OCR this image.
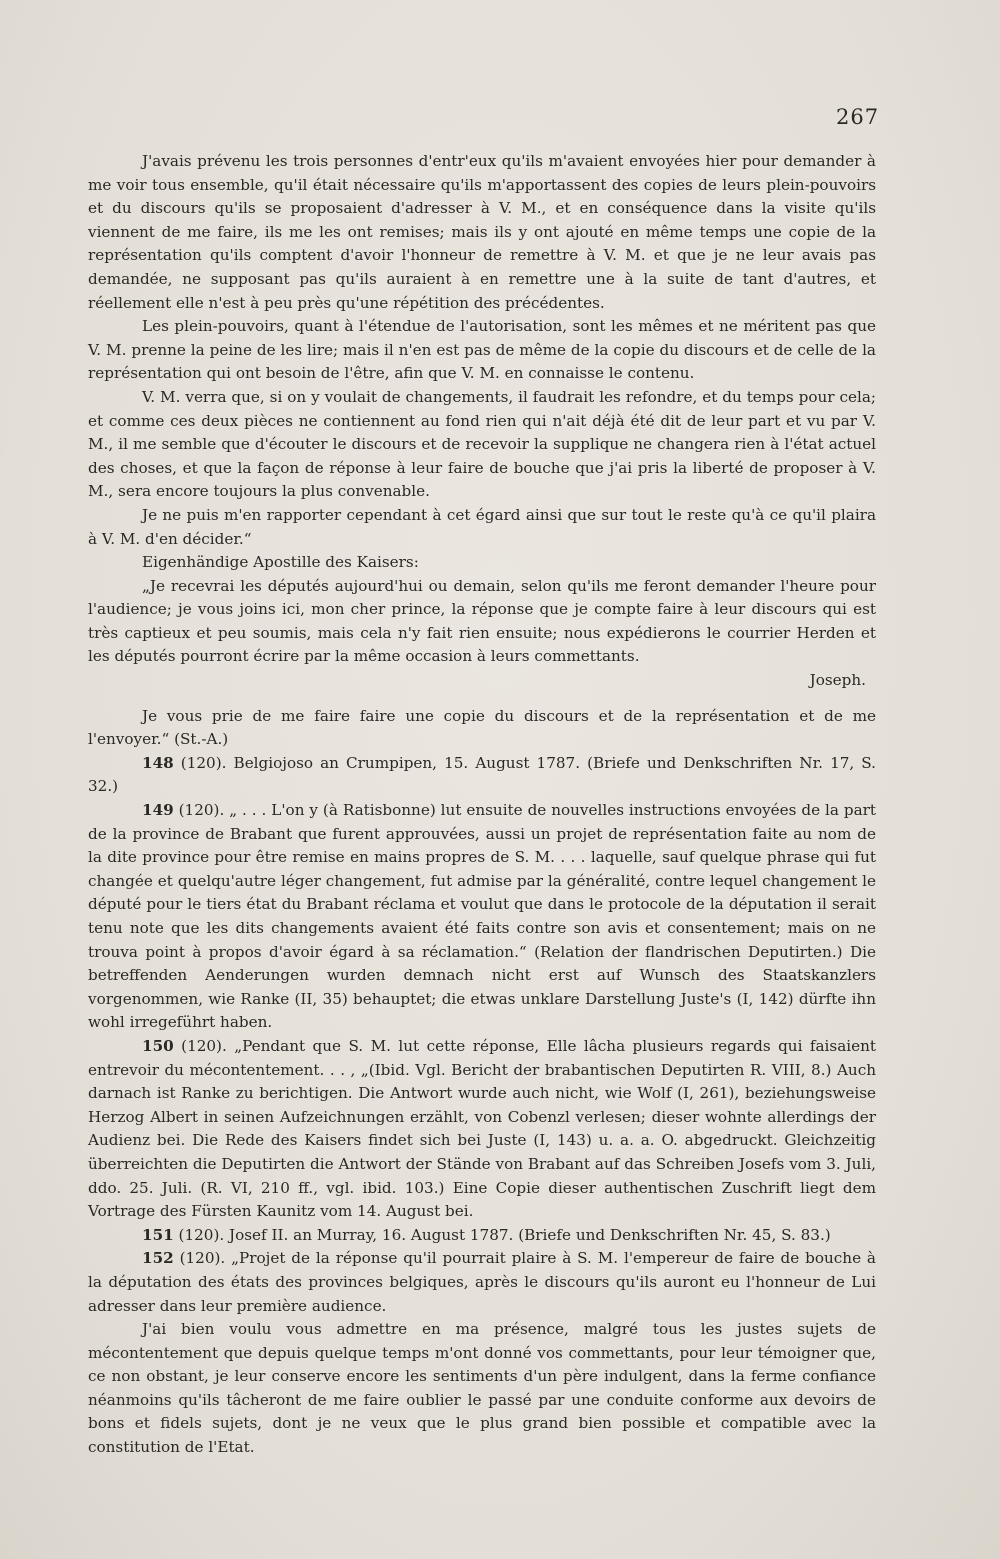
267

J'avais prévenu les trois personnes d'entr'eux qu'ils m'avaient envoyées hier pour demander à me voir tous ensemble, qu'il était nécessaire qu'ils m'apportassent des copies de leurs plein-pouvoirs et du discours qu'ils se proposaient d'adresser à V. M., et en conséquence dans la visite qu'ils viennent de me faire, ils me les ont remises; mais ils y ont ajouté en même temps une copie de la représentation qu'ils comptent d'avoir l'honneur de remettre à V. M. et que je ne leur avais pas demandée, ne supposant pas qu'ils auraient à en remettre une à la suite de tant d'autres, et réellement elle n'est à peu près qu'une répétition des précédentes.

Les plein-pouvoirs, quant à l'étendue de l'autorisation, sont les mêmes et ne méritent pas que V. M. prenne la peine de les lire; mais il n'en est pas de même de la copie du discours et de celle de la représentation qui ont besoin de l'être, afin que V. M. en connaisse le contenu.

V. M. verra que, si on y voulait de changements, il faudrait les refondre, et du temps pour cela; et comme ces deux pièces ne contiennent au fond rien qui n'ait déjà été dit de leur part et vu par V. M., il me semble que d'écouter le discours et de recevoir la supplique ne changera rien à l'état actuel des choses, et que la façon de réponse à leur faire de bouche que j'ai pris la liberté de proposer à V. M., sera encore toujours la plus convenable.

Je ne puis m'en rapporter cependant à cet égard ainsi que sur tout le reste qu'à ce qu'il plaira à V. M. d'en décider.“

Eigenhändige Apostille des Kaisers:

„Je recevrai les députés aujourd'hui ou demain, selon qu'ils me feront demander l'heure pour l'audience; je vous joins ici, mon cher prince, la réponse que je compte faire à leur discours qui est très captieux et peu soumis, mais cela n'y fait rien ensuite; nous expédierons le courrier Herden et les députés pourront écrire par la même occasion à leurs commettants.

Joseph.

Je vous prie de me faire faire une copie du discours et de la représentation et de me l'envoyer.“ (St.-A.)

148 (120). Belgiojoso an Crumpipen, 15. August 1787. (Briefe und Denkschriften Nr. 17, S. 32.)

149 (120). „ . . . L'on y (à Ratisbonne) lut ensuite de nouvelles instructions envoyées de la part de la province de Brabant que furent approuvées, aussi un projet de représentation faite au nom de la dite province pour être remise en mains propres de S. M. . . . laquelle, sauf quelque phrase qui fut changée et quelqu'autre léger changement, fut admise par la généralité, contre lequel changement le député pour le tiers état du Brabant réclama et voulut que dans le protocole de la députation il serait tenu note que les dits changements avaient été faits contre son avis et consentement; mais on ne trouva point à propos d'avoir égard à sa réclamation.“ (Relation der flandrischen Deputirten.) Die betreffenden Aenderungen wurden demnach nicht erst auf Wunsch des Staatskanzlers vorgenommen, wie Ranke (II, 35) behauptet; die etwas unklare Darstellung Juste's (I, 142) dürfte ihn wohl irregeführt haben.

150 (120). „Pendant que S. M. lut cette réponse, Elle lâcha plusieurs regards qui faisaient entrevoir du mécontentement. . . , „(Ibid. Vgl. Bericht der brabantischen Deputirten R. VIII, 8.) Auch darnach ist Ranke zu berichtigen. Die Antwort wurde auch nicht, wie Wolf (I, 261), beziehungsweise Herzog Albert in seinen Aufzeichnungen erzählt, von Cobenzl verlesen; dieser wohnte allerdings der Audienz bei. Die Rede des Kaisers findet sich bei Juste (I, 143) u. a. a. O. abgedruckt. Gleichzeitig überreichten die Deputirten die Antwort der Stände von Brabant auf das Schreiben Josefs vom 3. Juli, ddo. 25. Juli. (R. VI, 210 ff., vgl. ibid. 103.) Eine Copie dieser authentischen Zuschrift liegt dem Vortrage des Fürsten Kaunitz vom 14. August bei.

151 (120). Josef II. an Murray, 16. August 1787. (Briefe und Denkschriften Nr. 45, S. 83.)

152 (120). „Projet de la réponse qu'il pourrait plaire à S. M. l'empereur de faire de bouche à la députation des états des provinces belgiques, après le discours qu'ils auront eu l'honneur de Lui adresser dans leur première audience.

J'ai bien voulu vous admettre en ma présence, malgré tous les justes sujets de mécontentement que depuis quelque temps m'ont donné vos commettants, pour leur témoigner que, ce non obstant, je leur conserve encore les sentiments d'un père indulgent, dans la ferme confiance néanmoins qu'ils tâcheront de me faire oublier le passé par une conduite conforme aux devoirs de bons et fidels sujets, dont je ne veux que le plus grand bien possible et compatible avec la constitution de l'Etat.
